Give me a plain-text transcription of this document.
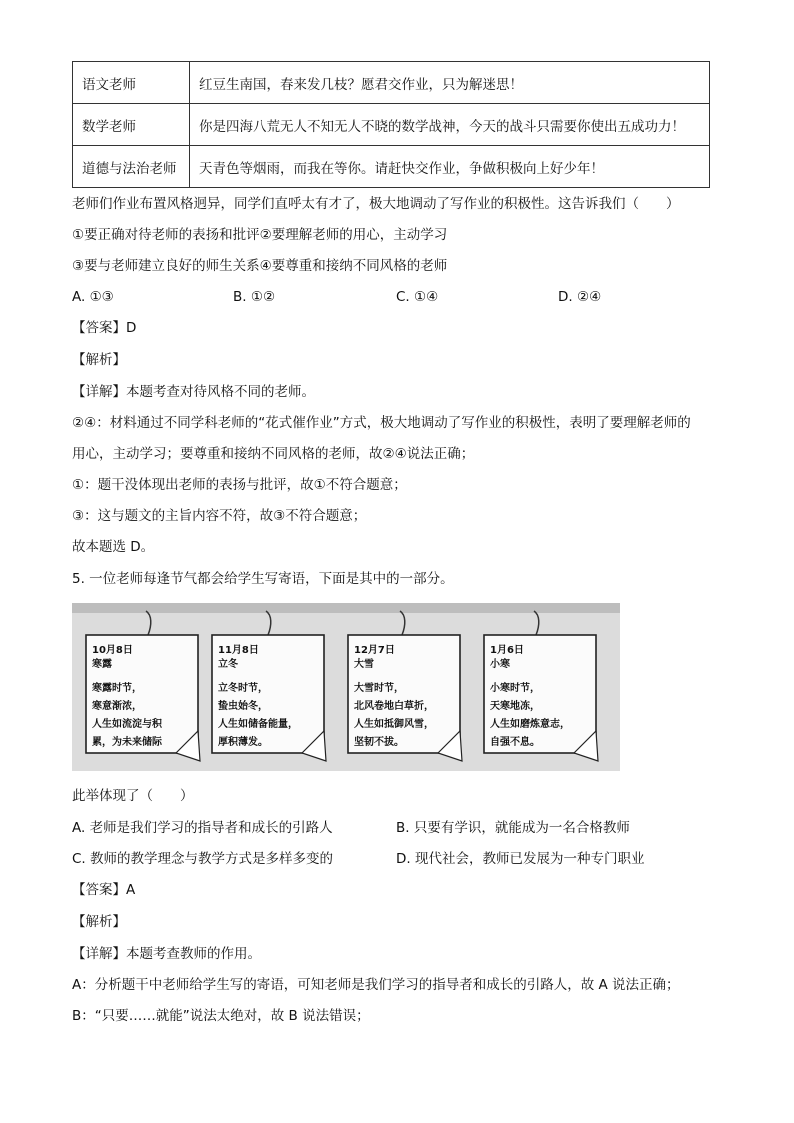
语文老师	红豆生南国，春来发几枝？愿君交作业，只为解迷思！
数学老师	你是四海八荒无人不知无人不晓的数学战神，今天的战斗只需要你使出五成功力！
道德与法治老师	天青色等烟雨，而我在等你。请赶快交作业，争做积极向上好少年！
老师们作业布置风格迥异，同学们直呼太有才了，极大地调动了写作业的积极性。这告诉我们（　　）
①要正确对待老师的表扬和批评②要理解老师的用心，主动学习
③要与老师建立良好的师生关系④要尊重和接纳不同风格的老师
A. ①③	B. ①②	C. ①④	D. ②④
【答案】D
【解析】
【详解】本题考查对待风格不同的老师。
②④：材料通过不同学科老师的“花式催作业”方式，极大地调动了写作业的积极性，表明了要理解老师的
用心，主动学习；要尊重和接纳不同风格的老师，故②④说法正确；
①：题干没体现出老师的表扬与批评，故①不符合题意；
③：这与题文的主旨内容不符，故③不符合题意；
故本题选 D。
5. 一位老师每逢节气都会给学生写寄语，下面是其中的一部分。
10月8日
寒露
寒露时节，
寒意渐浓，
人生如流淀与积
累，为未来储际
11月8日
立冬
立冬时节，
蛰虫始冬，
人生如储备能量，
厚积薄发。
12月7日
大雪
大雪时节，
北风卷地白草折，
人生如抵御风雪，
坚韧不拔。
1月6日
小寒
小寒时节，
天寒地冻，
人生如磨炼意志，
自强不息。
此举体现了（　　）
A. 老师是我们学习的指导者和成长的引路人	B. 只要有学识，就能成为一名合格教师
C. 教师的教学理念与教学方式是多样多变的	D. 现代社会，教师已发展为一种专门职业
【答案】A
【解析】
【详解】本题考查教师的作用。
A：分析题干中老师给学生写的寄语，可知老师是我们学习的指导者和成长的引路人，故 A 说法正确；
B：“只要……就能”说法太绝对，故 B 说法错误；
